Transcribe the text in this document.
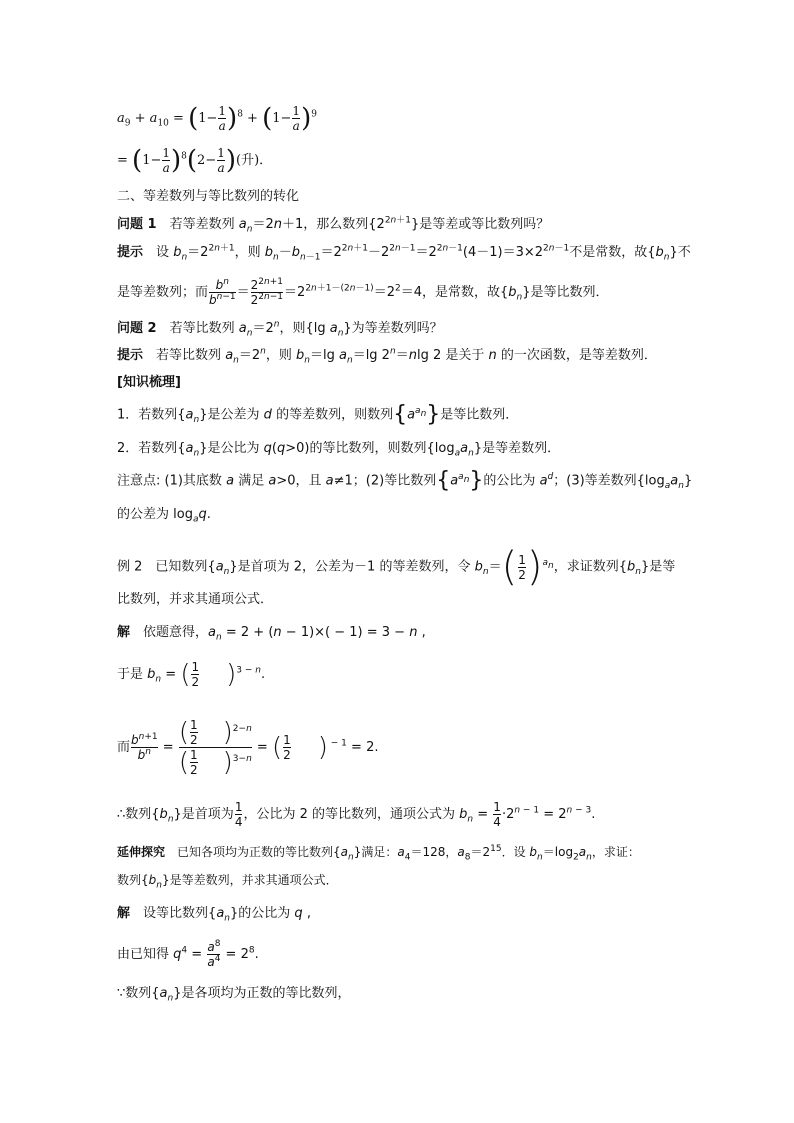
$a_9 + a_{10} = (1- \frac{1}{a} )^8 + (1- \frac{1}{a} )^9$
= $(1- \frac{1}{a} )^8(2- \frac{1}{a}$ )(升)．
二、等差数列与等比数列的转化
问题 1　 若等差数列 $a_n=2n+1$，那么数列$\{2^{2n+1}\}$是等差或等比数列吗？
提示　 设 $b_n=2^{2n+1}$，则 $b_n-b_{n-1}=2^{2n+1}-2^{2n-1}=2^{2n-1}(4-1)=3\times 2^{2n-1}$不是常数，故$\{b_n\}$不
是等差数列；而 $\frac{b^n}{b^{n-1}} = \frac{2^{2n+1}}{2^{2n-1}} =2^{2n+1-(2n-1)}=2^2=4$，是常数，故$\{b_n\}$是等比数列．
问题 2　 若等比数列 $a_n=2^n$，则{lg $a_n$}为等差数列吗？
提示　 若等比数列 $a_n=2^n$，则 $b_n=\lg$ $a_n=\lg$ $2^n=nlg$ 2 是关于 n 的一次函数，是等差数列．
[知识梳理]
1．若数列$\{a_n\}$是公差为 d 的等差数列，则数列$\{a^{a_n}\}$是等比数列．
2．若数列$\{a_n\}$是公比为 q(q>0)的等比数列，则数列$\{\log_aa_n\}$是等差数列．
注意点: (1)其底数 a 满足 a>0，且 a≠1；(2)等比数列$\{a^{a_n}\}$的公比为 $a^d$；(3)等差数列$\{\log_aa_n\}$
的公差为 $\log_aq$.
例 2　已知数列$\{a_n\}$是首项为 2，公差为－1 的等差数列，令 $b_n=( \frac{1}{2} )^{a_n}$，求证数列$\{b_n\}$是等
比数列，并求其通项公式．
解　 依题意得，$a_n = 2 + (n - 1)\times( - 1) = 3 - n$ ,
于是 $b_n$ = ( $\frac{1}{2}$
　　 )$^{3 - n}$.
而 $\frac{b^{n+1}}{b^n}$ = ( $\frac{1}{2}$
　　 )$^{2-n}$
( $\frac{1}{2}$
　　 )$^{3-n}$ = ( $\frac{1}{2}$
　　 ) $^{- 1}$ = 2.
∴数列$\{b_n\}$是首项为 $\frac{1}{4}$ ，公比为 2 的等比数列，通项公式为 $b_n = \frac{1}{4} \cdot 2^{n - 1} = 2^{n - 3}$.
延伸探究　 已知各项均为正数的等比数列$\{a_n\}$满足：$a_4=128$，$a_8=2^{15}$．设 $b_n=\log_2a_n$，求证：
数列$\{b_n\}$是等差数列，并求其通项公式．
解　 设等比数列$\{a_n\}$的公比为 q ,
由已知得 $q^4 = \frac{a^8}{a^4} = 2^8$.
∵数列$\{a_n\}$是各项均为正数的等比数列，
